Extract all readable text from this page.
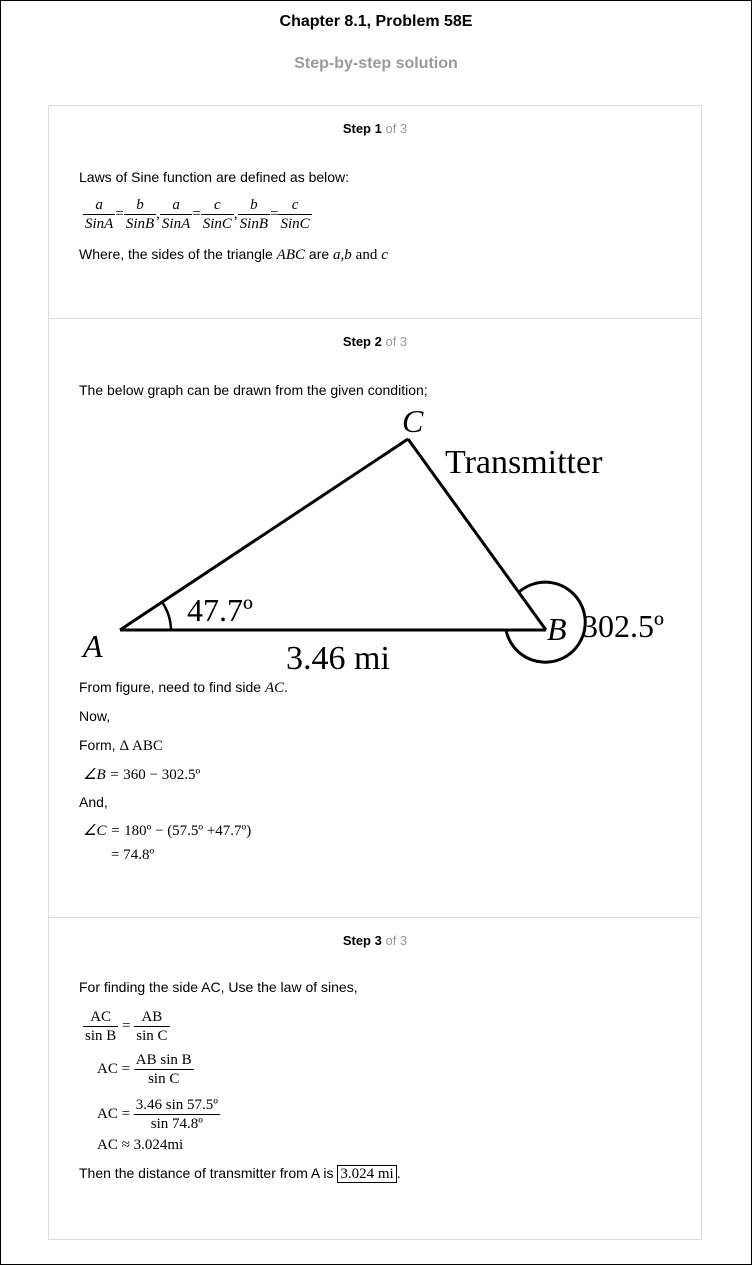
Chapter 8.1, Problem 58E
Step-by-step solution
Step 1 of 3
Laws of Sine function are defined as below:
$\frac{a}{\text{SinA}} = \frac{b}{\text{SinB}}$ , $\frac{a}{\text{SinA}} = \frac{c}{\text{SinC}}$ , $\frac{b}{\text{SinB}} = \frac{c}{\text{SinC}}$
Where, the sides of the triangle ABC are a,b and c
Step 2 of 3
The below graph can be drawn from the given condition;
A	B
C
47.7º	302.5º
3.46 mi
Transmitter
From figure, need to find side AC.
Now,
Form, Δ ABC
∠B = 360 − 302.5º
And,
∠C = 180º − (57.5º +47.7º)
= 74.8º
Step 3 of 3
For finding the side AC, Use the law of sines,
$\frac{AC}{\text{sin B}} = \frac{AB}{\text{sin C}}$
AC = $\frac{\text{AB sin B}}{\text{sin C}}$
AC = $\frac{\text{3.46 sin 57.5º}}{\text{sin 74.8º}}$
AC ≈ 3.024mi
Then the distance of transmitter from A is 3.024 mi .
